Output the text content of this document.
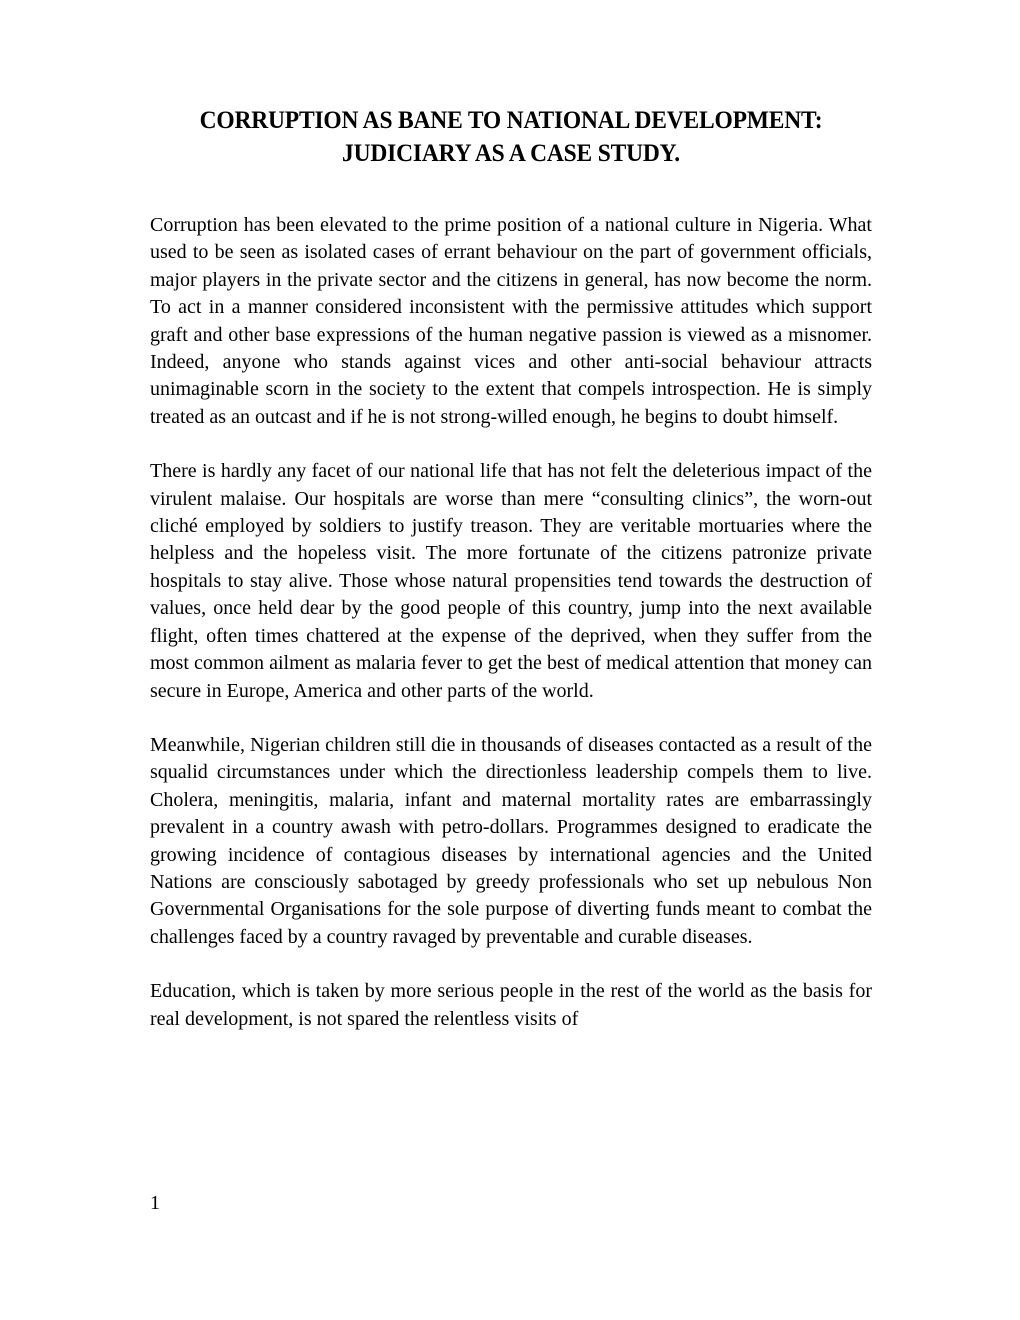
CORRUPTION AS BANE TO NATIONAL DEVELOPMENT:
JUDICIARY AS A CASE STUDY.

Corruption has been elevated to the prime position of a national culture in Nigeria. What used to be seen as isolated cases of errant behaviour on the part of government officials, major players in the private sector and the citizens in general, has now become the norm. To act in a manner considered inconsistent with the permissive attitudes which support graft and other base expressions of the human negative passion is viewed as a misnomer. Indeed, anyone who stands against vices and other anti-social behaviour attracts unimaginable scorn in the society to the extent that compels introspection. He is simply treated as an outcast and if he is not strong-willed enough, he begins to doubt himself.

There is hardly any facet of our national life that has not felt the deleterious impact of the virulent malaise. Our hospitals are worse than mere “consulting clinics”, the worn-out cliché employed by soldiers to justify treason. They are veritable mortuaries where the helpless and the hopeless visit. The more fortunate of the citizens patronize private hospitals to stay alive. Those whose natural propensities tend towards the destruction of values, once held dear by the good people of this country, jump into the next available flight, often times chattered at the expense of the deprived, when they suffer from the most common ailment as malaria fever to get the best of medical attention that money can secure in Europe, America and other parts of the world.

Meanwhile, Nigerian children still die in thousands of diseases contacted as a result of the squalid circumstances under which the directionless leadership compels them to live. Cholera, meningitis, malaria, infant and maternal mortality rates are embarrassingly prevalent in a country awash with petro-dollars. Programmes designed to eradicate the growing incidence of contagious diseases by international agencies and the United Nations are consciously sabotaged by greedy professionals who set up nebulous Non Governmental Organisations for the sole purpose of diverting funds meant to combat the challenges faced by a country ravaged by preventable and curable diseases.

Education, which is taken by more serious people in the rest of the world as the basis for real development, is not spared the relentless visits of

1
